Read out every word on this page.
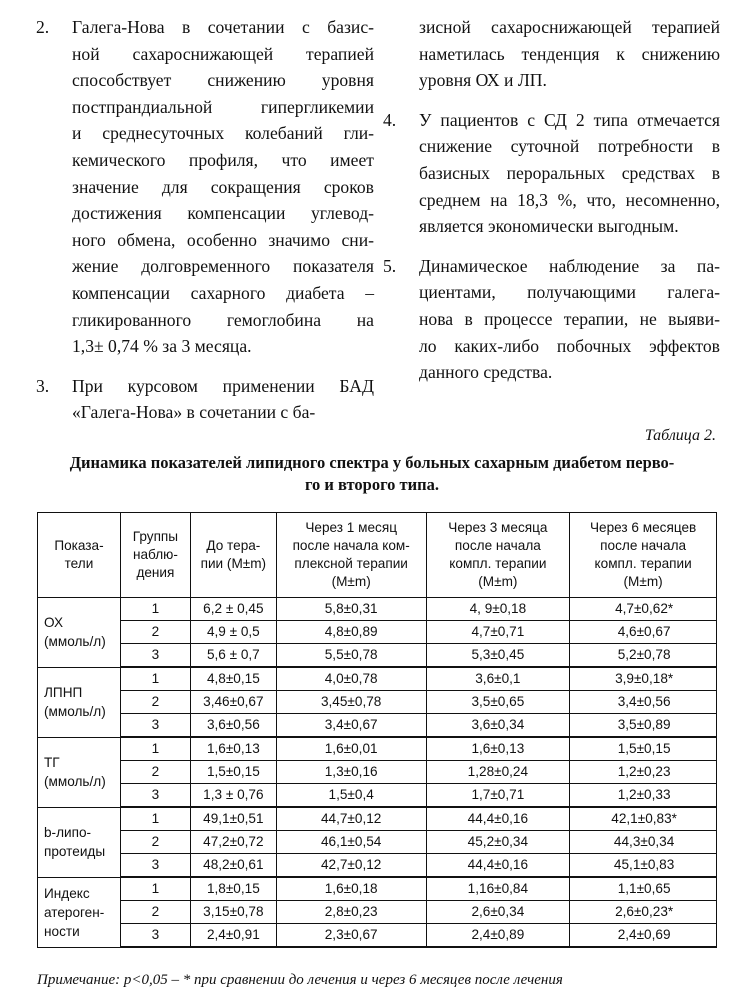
2. Галега-Нова в сочетании с базис-
ной сахароснижающей терапией
способствует снижению уровня
постпрандиальной гипергликемии
и среднесуточных колебаний гли-
кемического профиля, что имеет
значение для сокращения сроков
достижения компенсации углевод-
ного обмена, особенно значимо сни-
жение долговременного показателя
компенсации сахарного диабета –
гликированного гемоглобина на
1,3± 0,74 % за 3 месяца.
3. При курсовом применении БАД
«Галега-Нова» в сочетании с ба-
зисной сахароснижающей терапией
наметилась тенденция к снижению
уровня ОХ и ЛП.
4. У пациентов с СД 2 типа отмечается
снижение суточной потребности в
базисных пероральных средствах в
среднем на 18,3 %, что, несомненно,
является экономически выгодным.
5. Динамическое наблюдение за па-
циентами, получающими галега-
нова в процессе терапии, не выяви-
ло каких-либо побочных эффектов
данного средства.
Таблица 2.
Динамика показателей липидного спектра у больных сахарным диабетом перво-
го и второго типа.
Показа-
тели	Группы
наблю-
дения	До тера-
пии (M±m)	Через 1 месяц
после начала ком-
плексной терапии
(M±m)	Через 3 месяца
после начала
компл. терапии
(M±m)	Через 6 месяцев
после начала
компл. терапии
(M±m)
ОХ
(ммоль/л)	1	6,2 ± 0,45	5,8±0,31	4, 9±0,18	4,7±0,62*
	2	4,9 ± 0,5	4,8±0,89	4,7±0,71	4,6±0,67
	3	5,6 ± 0,7	5,5±0,78	5,3±0,45	5,2±0,78
ЛПНП
(ммоль/л)	1	4,8±0,15	4,0±0,78	3,6±0,1	3,9±0,18*
	2	3,46±0,67	3,45±0,78	3,5±0,65	3,4±0,56
	3	3,6±0,56	3,4±0,67	3,6±0,34	3,5±0,89
ТГ
(ммоль/л)	1	1,6±0,13	1,6±0,01	1,6±0,13	1,5±0,15
	2	1,5±0,15	1,3±0,16	1,28±0,24	1,2±0,23
	3	1,3 ± 0,76	1,5±0,4	1,7±0,71	1,2±0,33
b-липо-
протеиды	1	49,1±0,51	44,7±0,12	44,4±0,16	42,1±0,83*
	2	47,2±0,72	46,1±0,54	45,2±0,34	44,3±0,34
	3	48,2±0,61	42,7±0,12	44,4±0,16	45,1±0,83
Индекс
атероген-
ности	1	1,8±0,15	1,6±0,18	1,16±0,84	1,1±0,65
	2	3,15±0,78	2,8±0,23	2,6±0,34	2,6±0,23*
	3	2,4±0,91	2,3±0,67	2,4±0,89	2,4±0,69
Примечание: p<0,05 – * при сравнении до лечения и через 6 месяцев после лечения
